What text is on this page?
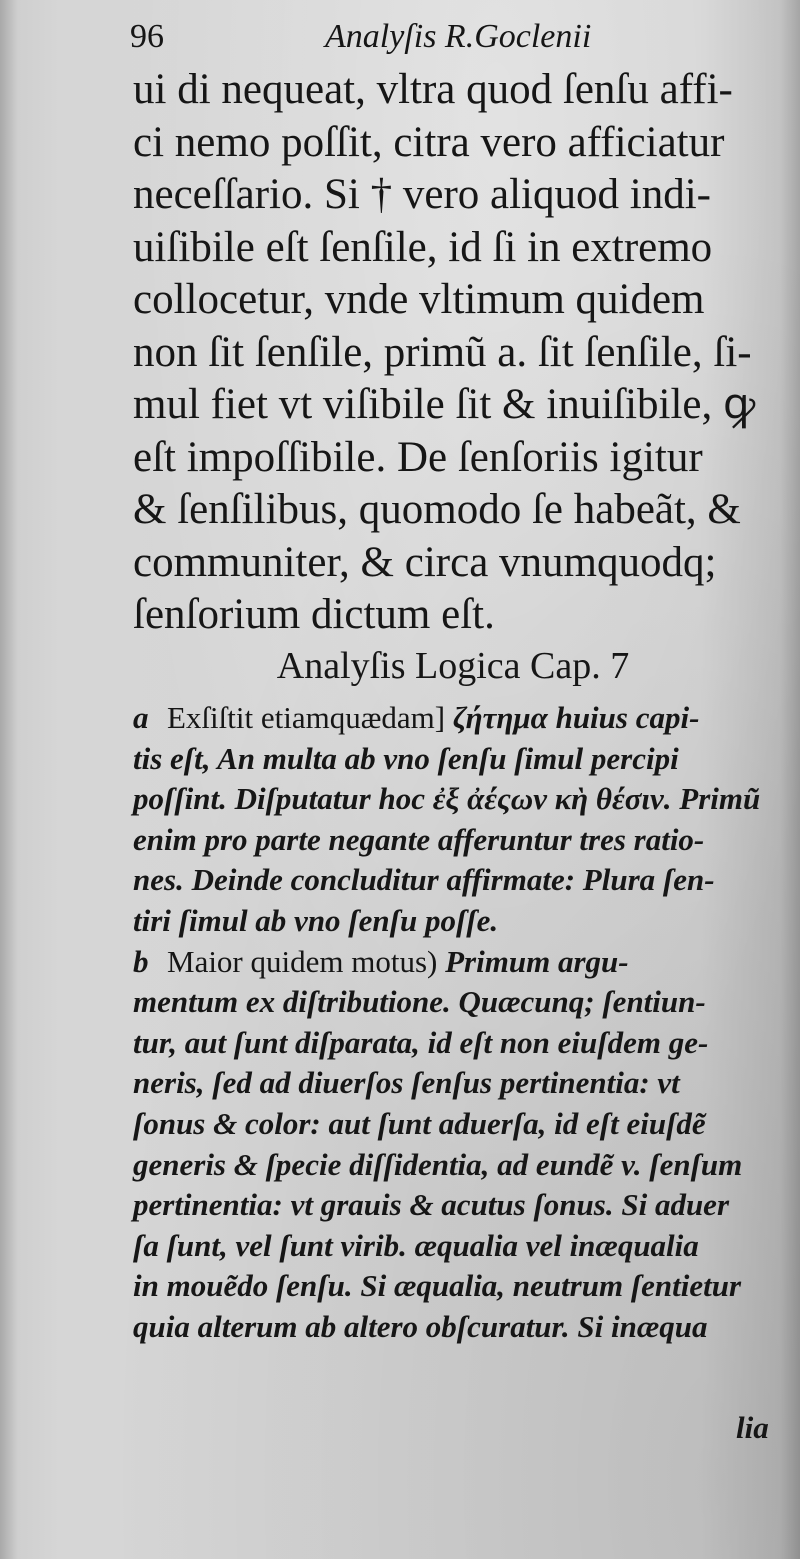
96	Analyſis R.Goclenii
ui di nequeat, vltra quod ſenſu affi-
ci nemo poſſit, citra vero afficiatur
neceſſario. Si † vero aliquod indi-
uiſibile eſt ſenſile, id ſi in extremo
collocetur, vnde vltimum quidem
non ſit ſenſile, primũ a. ſit ſenſile, ſi-
mul fiet vt viſibile ſit & inuiſibile, ꝙ
eſt impoſſibile. De ſenſoriis igitur
& ſenſilibus, quomodo ſe habeãt, &
communiter, & circa vnumquodq;
ſenſorium dictum eſt.
Analyſis Logica Cap. 7
a Exſiſtit etiamquædam] ζήτημα huius capi-
tis eſt, An multa ab vno ſenſu ſimul percipi
poſſint. Diſputatur hoc ἐξ ἀέςων κὴ θέσιν. Primũ
enim pro parte negante afferuntur tres ratio-
nes. Deinde concluditur affirmate: Plura ſen-
tiri ſimul ab vno ſenſu poſſe.
b Maior quidem motus) Primum argu-
mentum ex diſtributione. Quæcunq; ſentiun-
tur, aut ſunt diſparata, id eſt non eiuſdem ge-
neris, ſed ad diuerſos ſenſus pertinentia: vt
ſonus & color: aut ſunt aduerſa, id eſt eiuſdẽ
generis & ſpecie diſſidentia, ad eundẽ v. ſenſum
pertinentia: vt grauis & acutus ſonus. Si aduer
ſa ſunt, vel ſunt virib. æqualia vel inæqualia
in mouẽdo ſenſu. Si æqualia, neutrum ſentietur
quia alterum ab altero obſcuratur. Si inæqua
lia
